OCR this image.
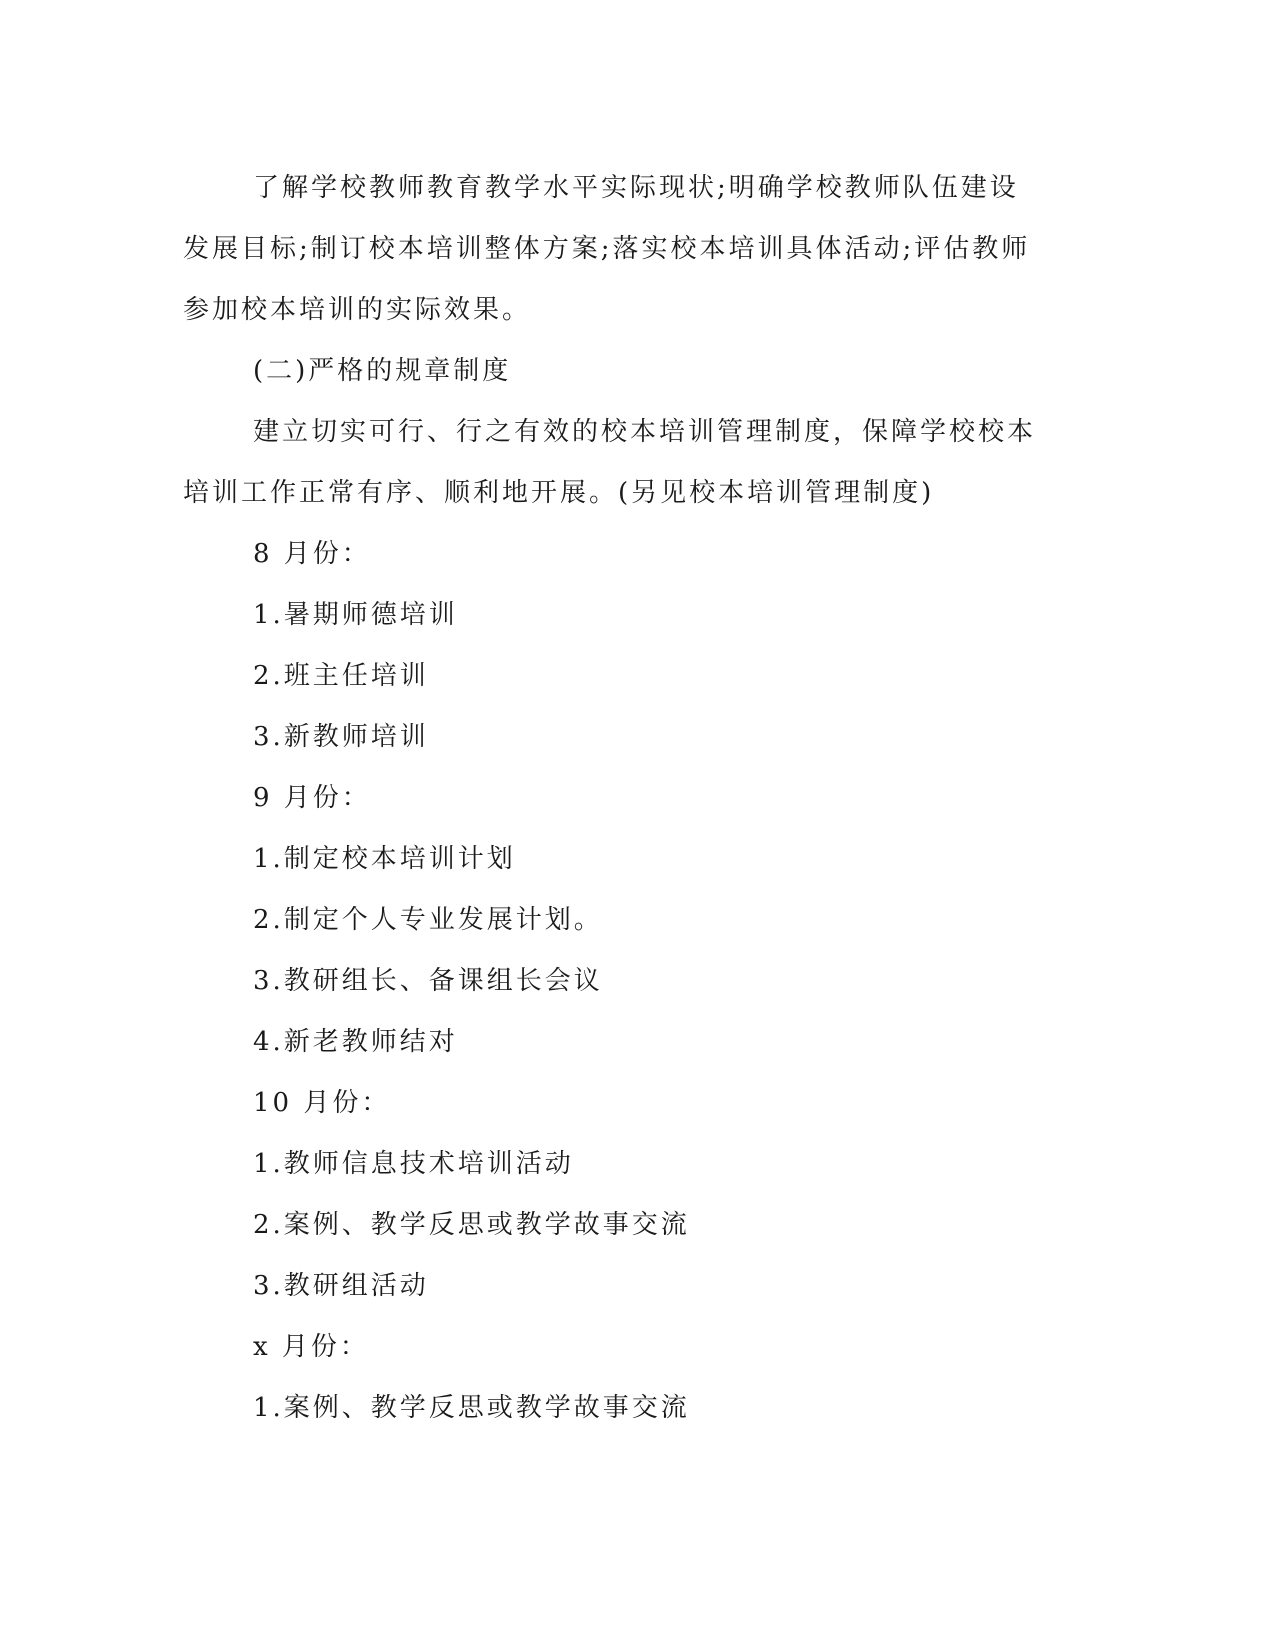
了解学校教师教育教学水平实际现状;明确学校教师队伍建设发展目标;制订校本培训整体方案;落实校本培训具体活动;评估教师参加校本培训的实际效果。

(二)严格的规章制度

建立切实可行、行之有效的校本培训管理制度，保障学校校本培训工作正常有序、顺利地开展。(另见校本培训管理制度)

8 月份：

1.暑期师德培训

2.班主任培训

3.新教师培训

9 月份：

1.制定校本培训计划

2.制定个人专业发展计划。

3.教研组长、备课组长会议

4.新老教师结对

10 月份：

1.教师信息技术培训活动

2.案例、教学反思或教学故事交流

3.教研组活动

x 月份：

1.案例、教学反思或教学故事交流
